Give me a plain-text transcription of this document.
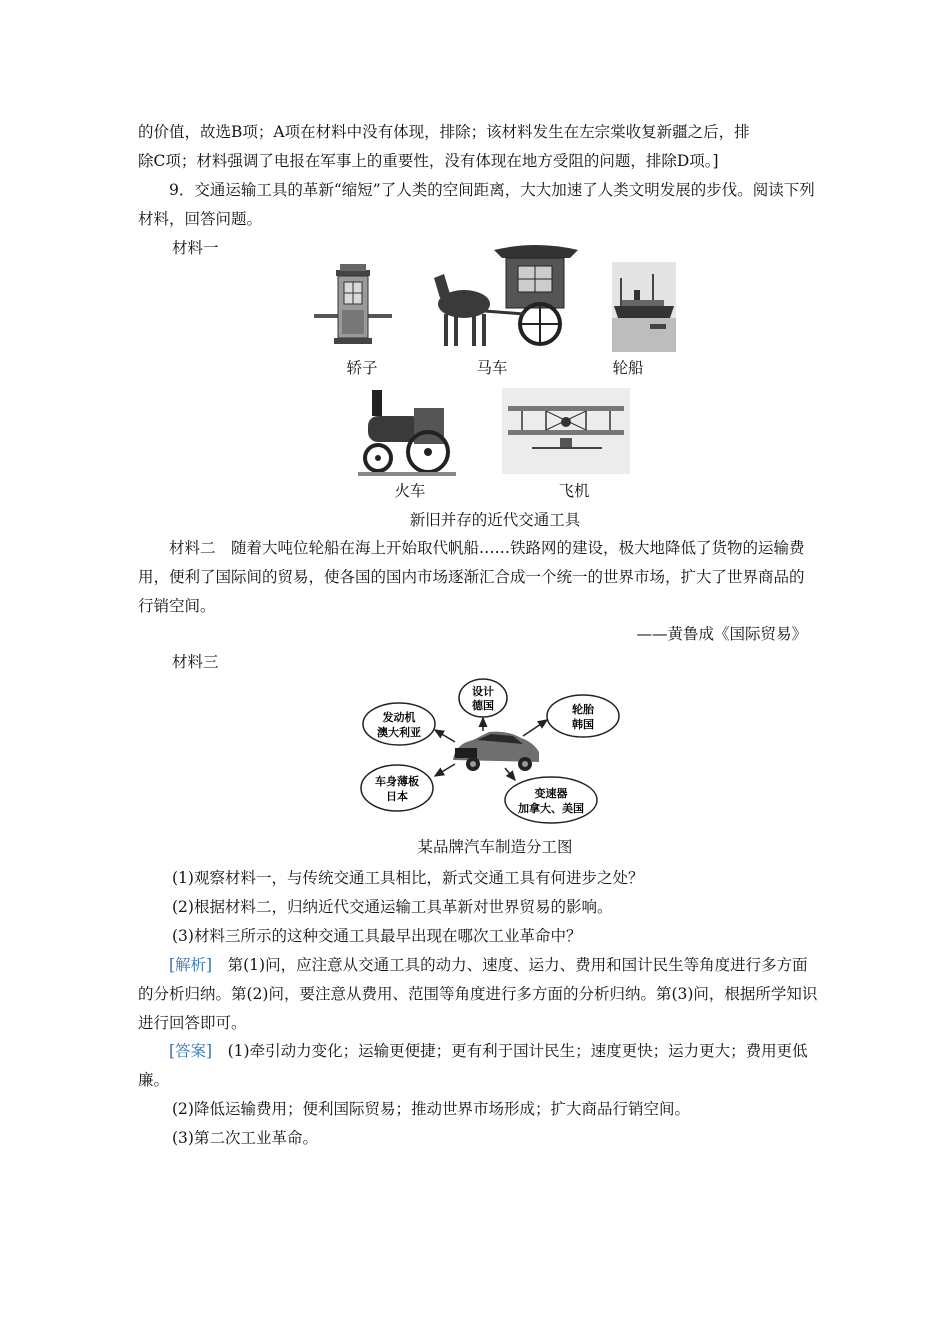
的价值，故选B项；A项在材料中没有体现，排除；该材料发生在左宗棠收复新疆之后，排

除C项；材料强调了电报在军事上的重要性，没有体现在地方受阻的问题，排除D项。]

9．交通运输工具的革新“缩短”了人类的空间距离，大大加速了人类文明发展的步伐。阅读下列材料，回答问题。

材料一

轿子	马车	轮船
火车	飞机
新旧并存的近代交通工具

材料二　随着大吨位轮船在海上开始取代帆船……铁路网的建设，极大地降低了货物的运输费用，便利了国际间的贸易，使各国的国内市场逐渐汇合成一个统一的世界市场，扩大了世界商品的行销空间。

——黄鲁成《国际贸易》

材料三

设计
德国
发动机
澳大利亚
轮胎
韩国
车身薄板
日本	变速器
加拿大、美国
某品牌汽车制造分工图

(1)观察材料一，与传统交通工具相比，新式交通工具有何进步之处？

(2)根据材料二，归纳近代交通运输工具革新对世界贸易的影响。

(3)材料三所示的这种交通工具最早出现在哪次工业革命中？

[解析]　第(1)问，应注意从交通工具的动力、速度、运力、费用和国计民生等角度进行多方面的分析归纳。第(2)问，要注意从费用、范围等角度进行多方面的分析归纳。第(3)问，根据所学知识进行回答即可。

[答案]　(1)牵引动力变化；运输更便捷；更有利于国计民生；速度更快；运力更大；费用更低廉。

(2)降低运输费用；便利国际贸易；推动世界市场形成；扩大商品行销空间。

(3)第二次工业革命。
